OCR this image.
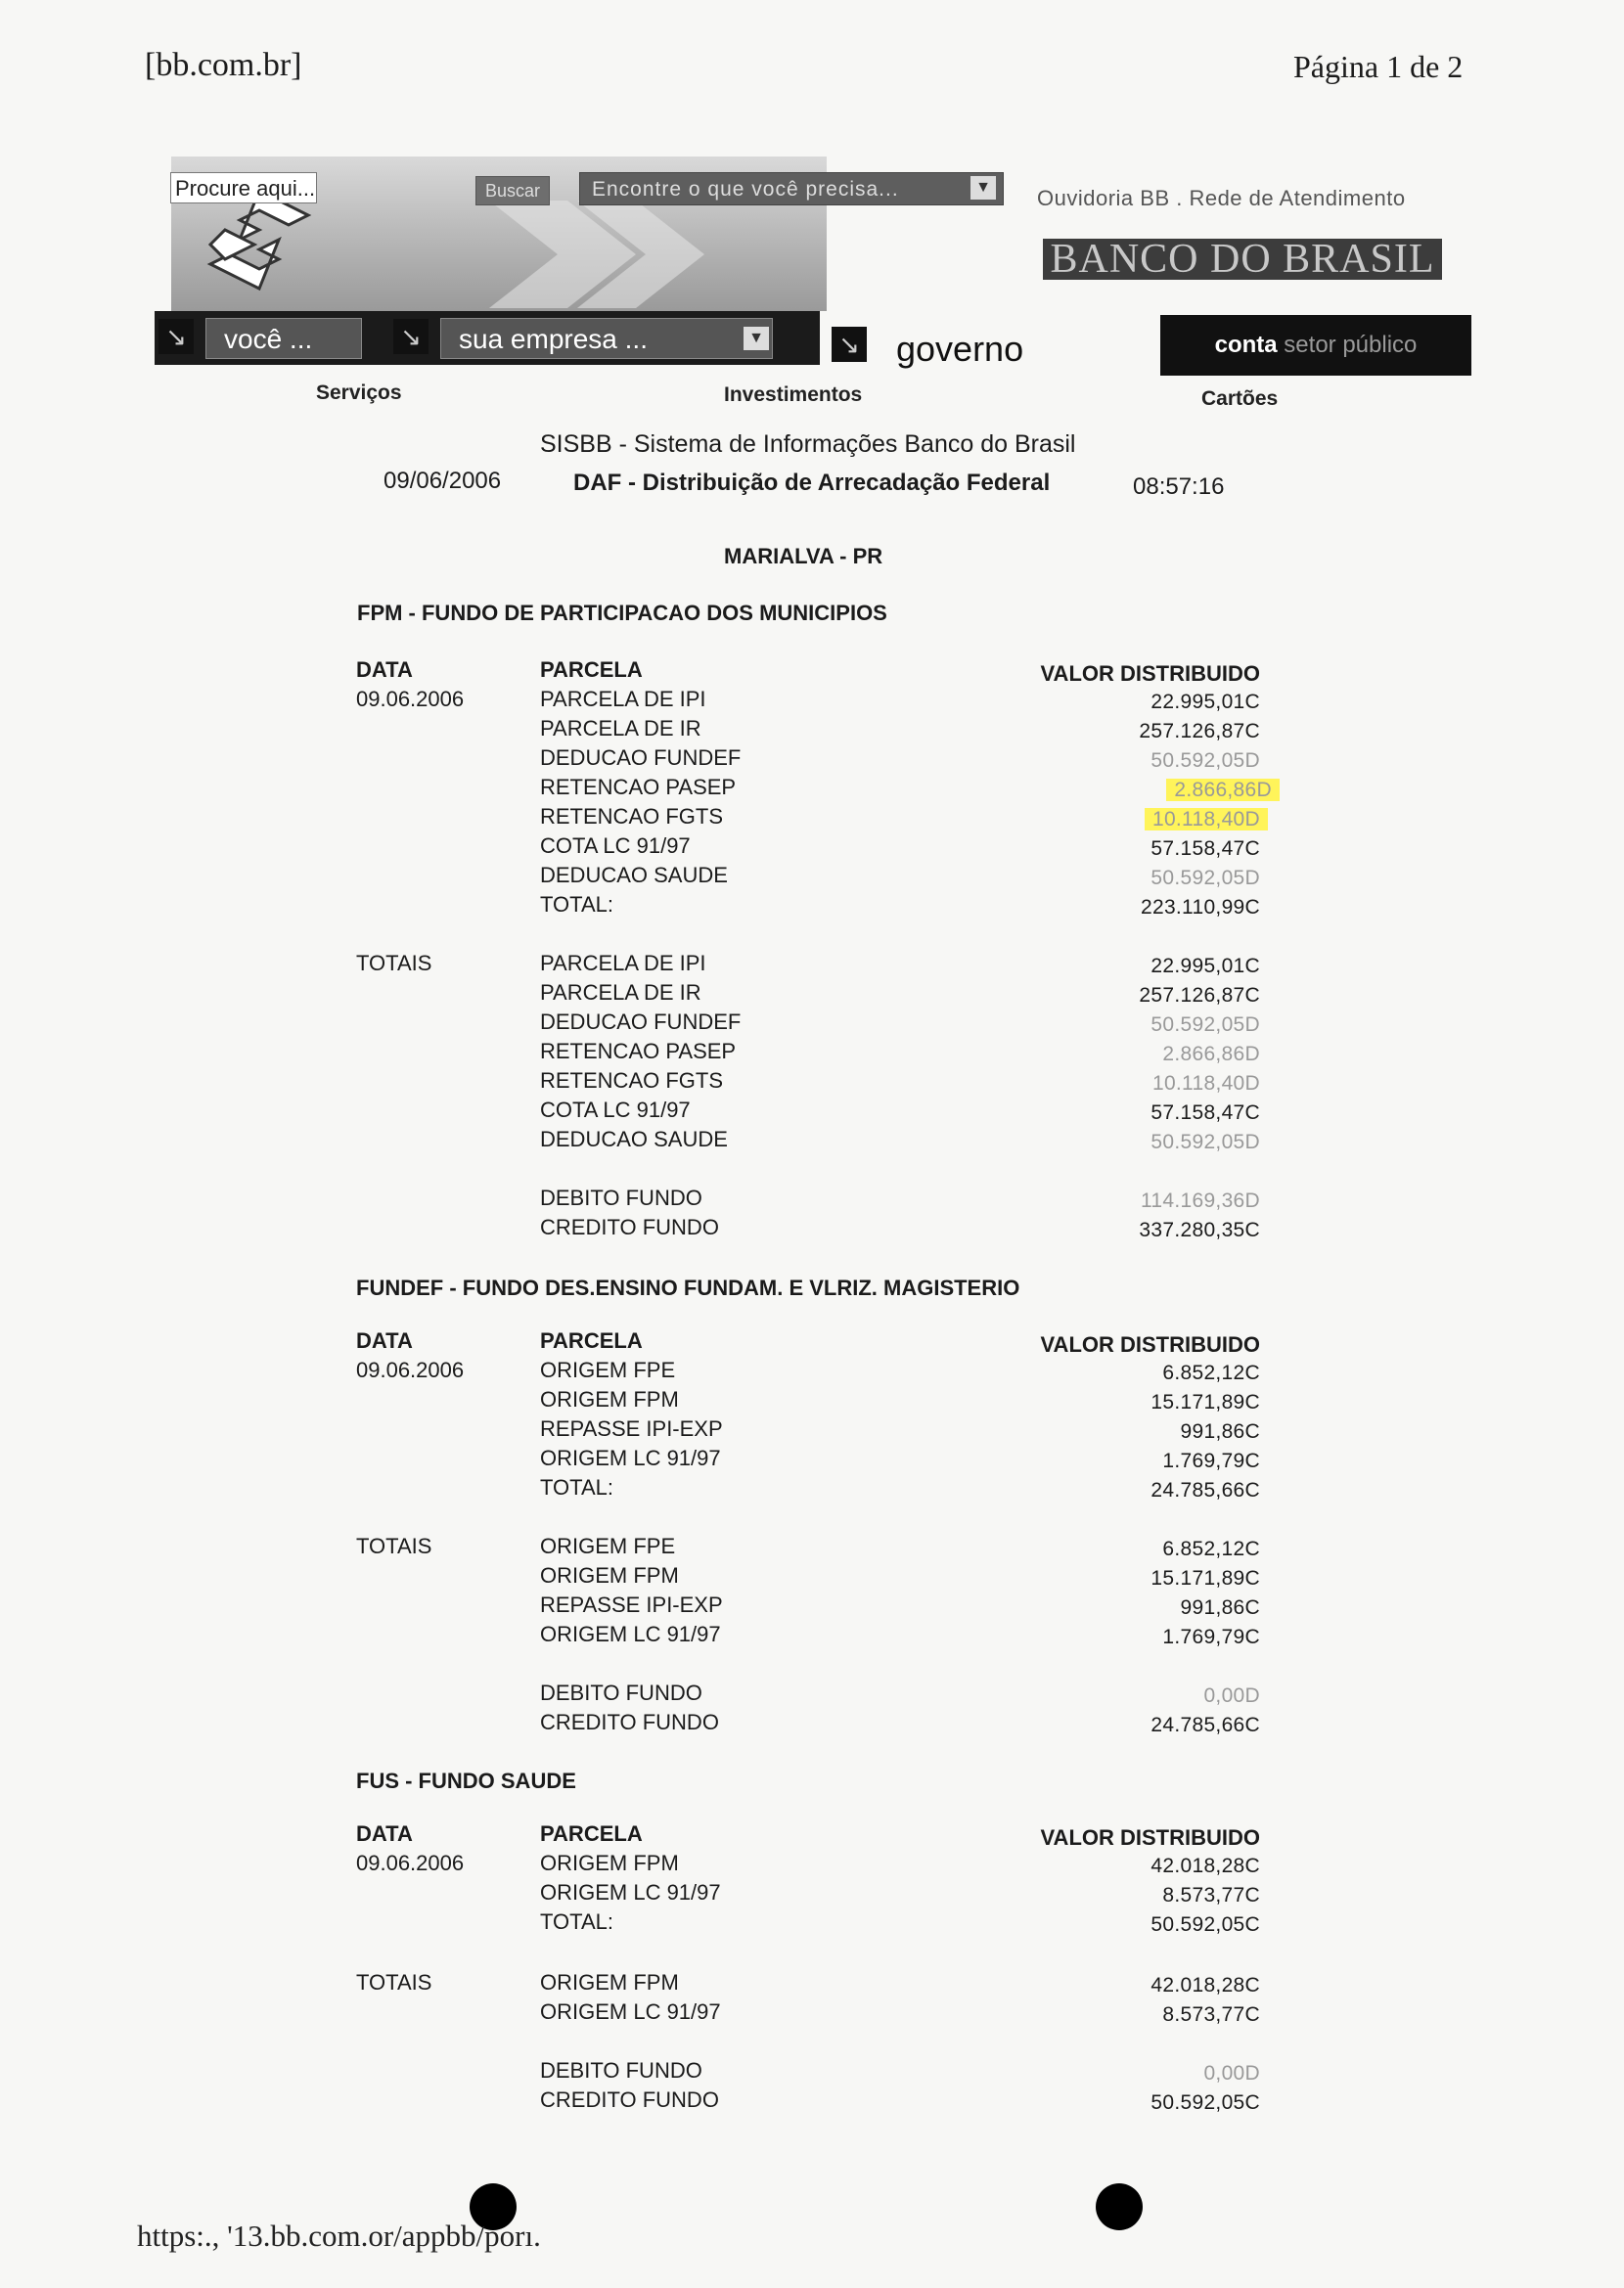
[bb.com.br]	Página 1 de 2
Procure aqui...	Buscar	Encontre o que você precisa...	▼ Ouvidoria BB . Rede de Atendimento
BANCO DO BRASIL
↘	você ...	↘	sua empresa ...	▼	↘ governo	conta setor público
Serviços	Investimentos	Cartões
SISBB - Sistema de Informações Banco do Brasil
09/06/2006	DAF - Distribuição de Arrecadação Federal	08:57:16
MARIALVA - PR
FPM - FUNDO DE PARTICIPACAO DOS MUNICIPIOS
DATA	PARCELA	VALOR DISTRIBUIDO
09.06.2006	PARCELA DE IPI	22.995,01C
PARCELA DE IR	257.126,87C
DEDUCAO FUNDEF	50.592,05D
RETENCAO PASEP	2.866,86D
RETENCAO FGTS	10.118,40D
COTA LC 91/97	57.158,47C
DEDUCAO SAUDE	50.592,05D
TOTAL:	223.110,99C
TOTAIS	PARCELA DE IPI	22.995,01C
PARCELA DE IR	257.126,87C
DEDUCAO FUNDEF	50.592,05D
RETENCAO PASEP	2.866,86D
RETENCAO FGTS	10.118,40D
COTA LC 91/97	57.158,47C
DEDUCAO SAUDE	50.592,05D
DEBITO FUNDO	114.169,36D
CREDITO FUNDO	337.280,35C
FUNDEF - FUNDO DES.ENSINO FUNDAM. E VLRIZ. MAGISTERIO
DATA	PARCELA	VALOR DISTRIBUIDO
09.06.2006	ORIGEM FPE	6.852,12C
ORIGEM FPM	15.171,89C
REPASSE IPI-EXP	991,86C
ORIGEM LC 91/97	1.769,79C
TOTAL:	24.785,66C
TOTAIS	ORIGEM FPE	6.852,12C
ORIGEM FPM	15.171,89C
REPASSE IPI-EXP	991,86C
ORIGEM LC 91/97	1.769,79C
DEBITO FUNDO	0,00D
CREDITO FUNDO	24.785,66C
FUS - FUNDO SAUDE
DATA	PARCELA	VALOR DISTRIBUIDO
09.06.2006	ORIGEM FPM	42.018,28C
ORIGEM LC 91/97	8.573,77C
TOTAL:	50.592,05C
TOTAIS	ORIGEM FPM	42.018,28C
ORIGEM LC 91/97	8.573,77C
DEBITO FUNDO	0,00D
CREDITO FUNDO	50.592,05C
https:., '13.bb.com.or/appbb/porı.
